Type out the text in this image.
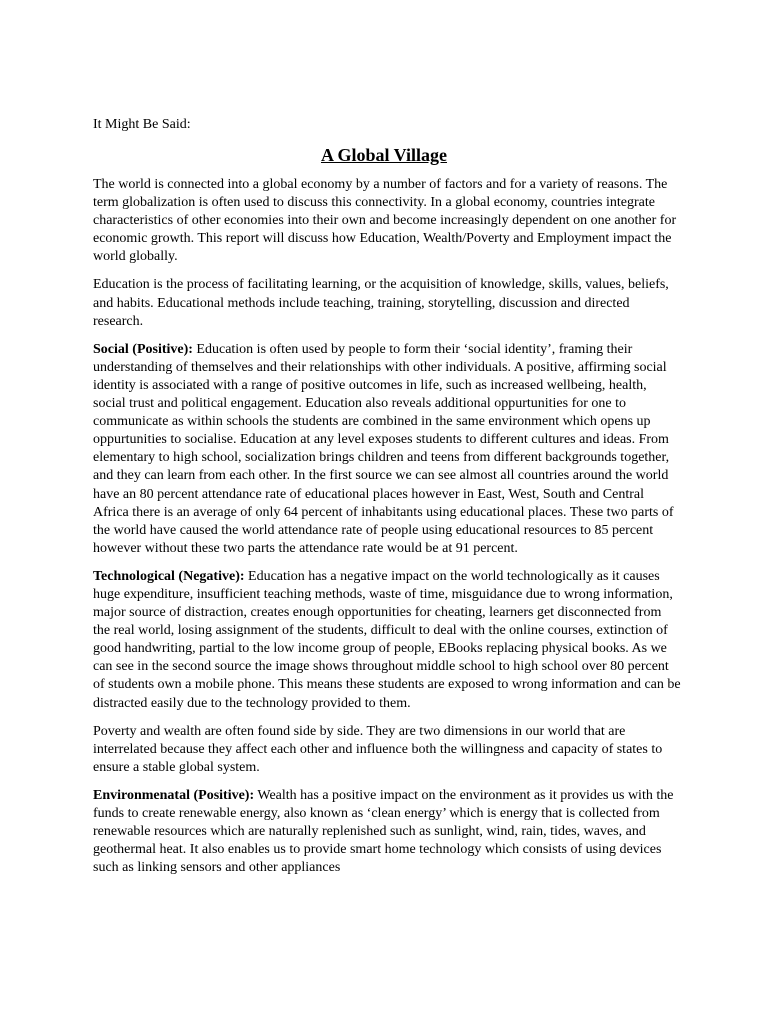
It Might Be Said:

A Global Village

The world is connected into a global economy by a number of factors and for a variety of reasons. The term globalization is often used to discuss this connectivity. In a global economy, countries integrate characteristics of other economies into their own and become increasingly dependent on one another for economic growth. This report will discuss how Education, Wealth/Poverty and Employment impact the world globally.

Education is the process of facilitating learning, or the acquisition of knowledge, skills, values, beliefs, and habits. Educational methods include teaching, training, storytelling, discussion and directed research.

Social (Positive): Education is often used by people to form their ‘social identity’, framing their understanding of themselves and their relationships with other individuals. A positive, affirming social identity is associated with a range of positive outcomes in life, such as increased wellbeing, health, social trust and political engagement. Education also reveals additional oppurtunities for one to communicate as within schools the students are combined in the same environment which opens up oppurtunities to socialise. Education at any level exposes students to different cultures and ideas. From elementary to high school, socialization brings children and teens from different backgrounds together, and they can learn from each other. In the first source we can see almost all countries around the world have an 80 percent attendance rate of educational places however in East, West, South and Central Africa there is an average of only 64 percent of inhabitants using educational places. These two parts of the world have caused the world attendance rate of people using educational resources to 85 percent however without these two parts the attendance rate would be at 91 percent.

Technological (Negative): Education has a negative impact on the world technologically as it causes huge expenditure, insufficient teaching methods, waste of time, misguidance due to wrong information, major source of distraction, creates enough opportunities for cheating, learners get disconnected from the real world, losing assignment of the students, difficult to deal with the online courses, extinction of good handwriting, partial to the low income group of people, EBooks replacing physical books. As we can see in the second source the image shows throughout middle school to high school over 80 percent of students own a mobile phone. This means these students are exposed to wrong information and can be distracted easily due to the technology provided to them.

Poverty and wealth are often found side by side. They are two dimensions in our world that are interrelated because they affect each other and influence both the willingness and capacity of states to ensure a stable global system.

Environmenatal (Positive): Wealth has a positive impact on the environment as it provides us with the funds to create renewable energy, also known as ‘clean energy’ which is energy that is collected from renewable resources which are naturally replenished such as sunlight, wind, rain, tides, waves, and geothermal heat. It also enables us to provide smart home technology which consists of using devices such as linking sensors and other appliances
